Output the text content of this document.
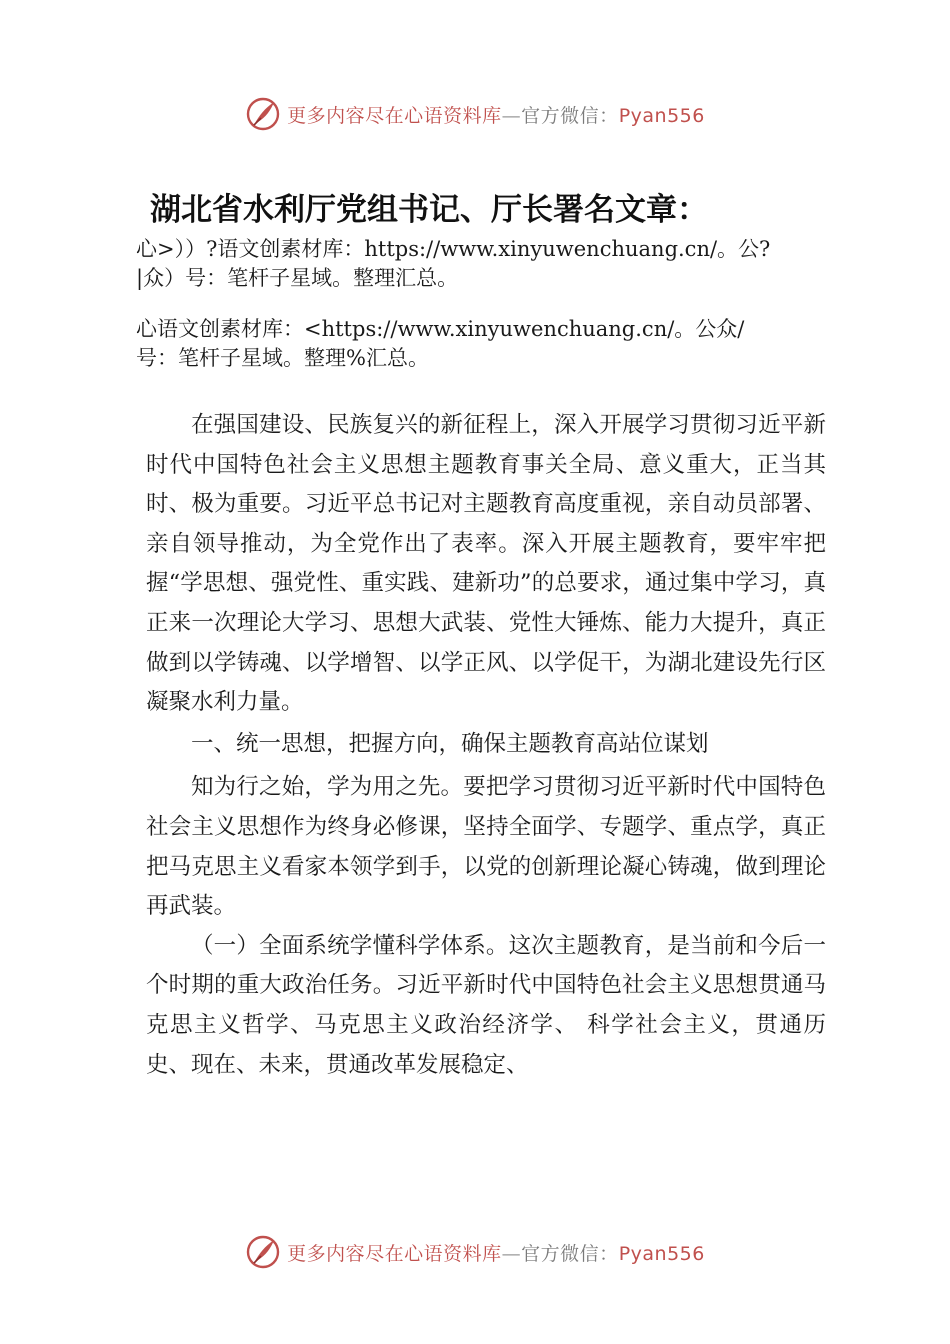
更多内容尽在心语资料库—官方微信：Pyan556
湖北省水利厅党组书记、厅长署名文章：
心>））?语文创素材库：https://www.xinyuwenchuang.cn/。公?
|众）号：笔杆子星域。整理汇总。
心语文创素材库：<https://www.xinyuwenchuang.cn/。公众/
号：笔杆子星域。整理%汇总。

在强国建设、民族复兴的新征程上，深入开展学习贯彻习近平新时代中国特色社会主义思想主题教育事关全局、意义重大，正当其时、极为重要。习近平总书记对主题教育高度重视，亲自动员部署、亲自领导推动，为全党作出了表率。深入开展主题教育，要牢牢把握“学思想、强党性、重实践、建新功”的总要求，通过集中学习，真正来一次理论大学习、思想大武装、党性大锤炼、能力大提升，真正做到以学铸魂、以学增智、以学正风、以学促干，为湖北建设先行区凝聚水利力量。

一、统一思想，把握方向，确保主题教育高站位谋划

知为行之始，学为用之先。要把学习贯彻习近平新时代中国特色社会主义思想作为终身必修课，坚持全面学、专题学、重点学，真正把马克思主义看家本领学到手，以党的创新理论凝心铸魂，做到理论再武装。

（一）全面系统学懂科学体系。这次主题教育，是当前和今后一个时期的重大政治任务。习近平新时代中国特色社会主义思想贯通马克思主义哲学、马克思主义政治经济学、 科学社会主义，贯通历史、现在、未来，贯通改革发展稳定、

更多内容尽在心语资料库—官方微信：Pyan556
